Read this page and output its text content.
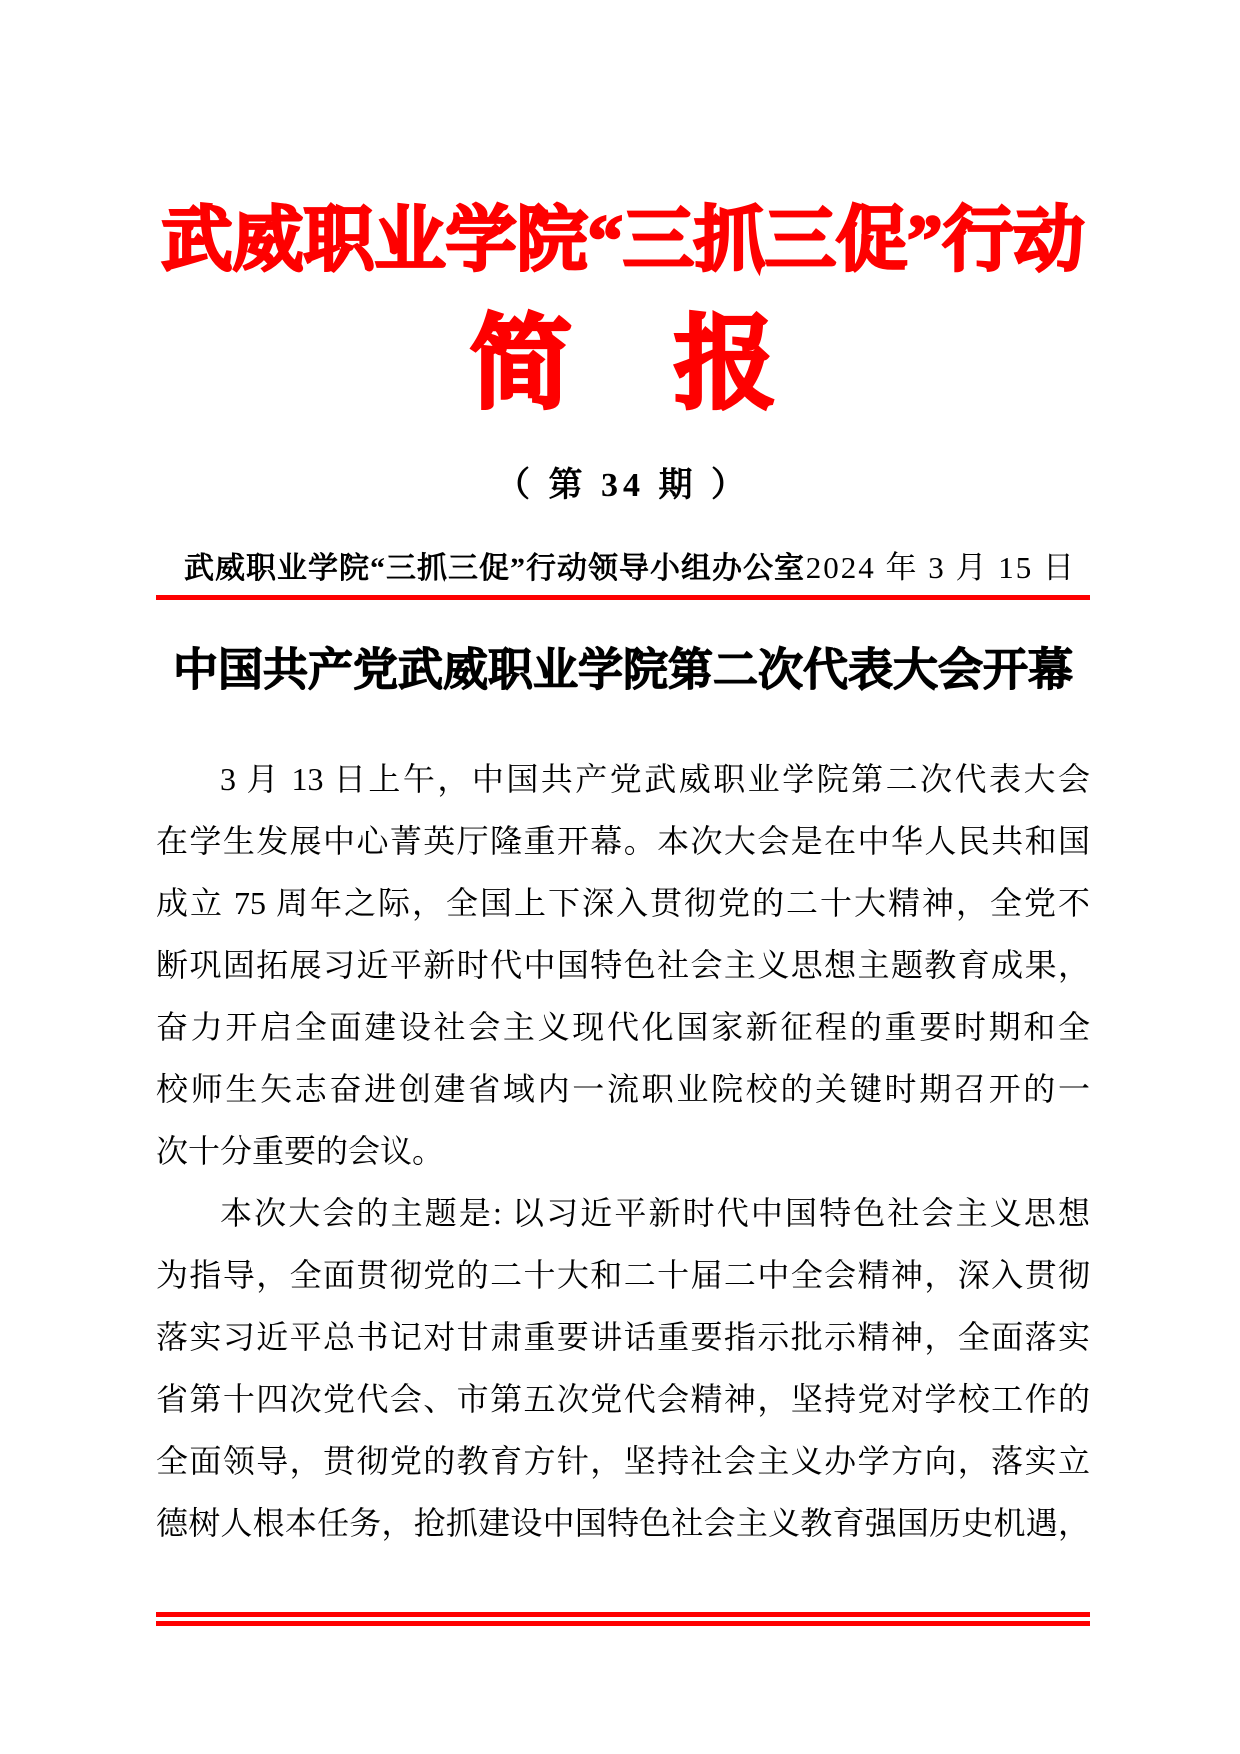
武威职业学院“三抓三促”行动
简 报
（ 第 34 期 ）
武威职业学院“三抓三促”行动领导小组办公室 2024 年 3 月 15 日
中国共产党武威职业学院第二次代表大会开幕
3 月 13 日上午，中国共产党武威职业学院第二次代表大会
在学生发展中心菁英厅隆重开幕。本次大会是在中华人民共和国
成立 75 周年之际，全国上下深入贯彻党的二十大精神，全党不
断巩固拓展习近平新时代中国特色社会主义思想主题教育成果，
奋力开启全面建设社会主义现代化国家新征程的重要时期和全
校师生矢志奋进创建省域内一流职业院校的关键时期召开的一
次十分重要的会议。
本次大会的主题是: 以习近平新时代中国特色社会主义思想
为指导，全面贯彻党的二十大和二十届二中全会精神，深入贯彻
落实习近平总书记对甘肃重要讲话重要指示批示精神，全面落实
省第十四次党代会、市第五次党代会精神，坚持党对学校工作的
全面领导，贯彻党的教育方针，坚持社会主义办学方向，落实立
德树人根本任务，抢抓建设中国特色社会主义教育强国历史机遇，
